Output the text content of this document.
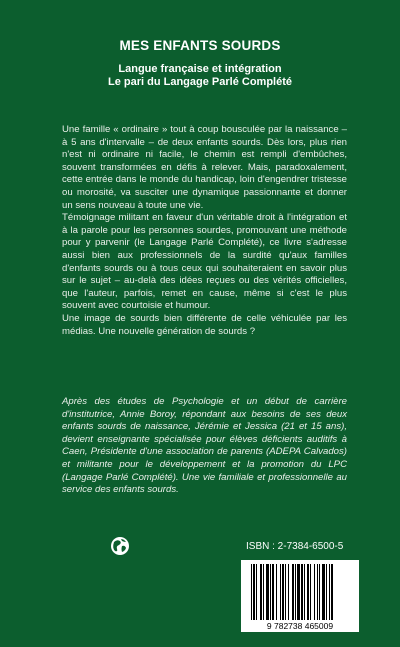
MES ENFANTS SOURDS
Langue française et intégration
Le pari du Langage Parlé Complété

Une famille « ordinaire » tout à coup bousculée par la naissance – à 5 ans d'intervalle – de deux enfants sourds. Dès lors, plus rien n'est ni ordinaire ni facile, le chemin est rempli d'embûches, souvent transformées en défis à relever. Mais, paradoxalement, cette entrée dans le monde du handicap, loin d'engendrer tristesse ou morosité, va susciter une dynamique passionnante et donner un sens nouveau à toute une vie.

Témoignage militant en faveur d'un véritable droit à l'intégration et à la parole pour les personnes sourdes, promouvant une méthode pour y parvenir (le Langage Parlé Complété), ce livre s'adresse aussi bien aux professionnels de la surdité qu'aux familles d'enfants sourds ou à tous ceux qui souhaiteraient en savoir plus sur le sujet – au-delà des idées reçues ou des vérités officielles, que l'auteur, parfois, remet en cause, même si c'est le plus souvent avec courtoisie et humour.

Une image de sourds bien différente de celle véhiculée par les médias. Une nouvelle génération de sourds ?

Après des études de Psychologie et un début de carrière d'institutrice, Annie Boroy, répondant aux besoins de ses deux enfants sourds de naissance, Jérémie et Jessica (21 et 15 ans), devient enseignante spécialisée pour élèves déficients auditifs à Caen, Présidente d'une association de parents (ADEPA Calvados) et militante pour le développement et la promotion du LPC (Langage Parlé Complété). Une vie familiale et professionnelle au service des enfants sourds.

ISBN : 2-7384-6500-5
9 782738 465009
